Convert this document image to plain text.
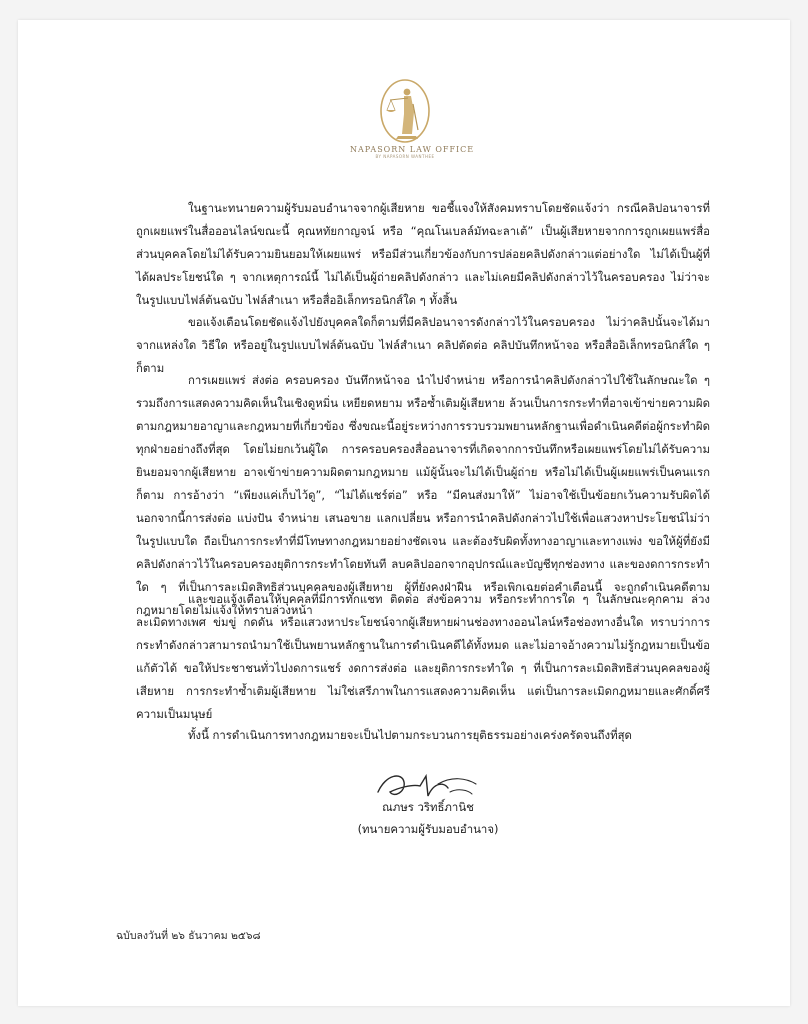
NAPASORN LAW OFFICE
BY NAPASORN WANTHEE

ในฐานะทนายความผู้รับมอบอำนาจจากผู้เสียหาย ขอชี้แจงให้สังคมทราบโดยชัดแจ้งว่า กรณีคลิปอนาจารที่ถูกเผยแพร่ในสื่อออนไลน์ขณะนี้ คุณหทัยกาญจน์ หรือ “คุณโนเบลล์มัทฉะลาเต้” เป็นผู้เสียหายจากการถูกเผยแพร่สื่อส่วนบุคคลโดยไม่ได้รับความยินยอมให้เผยแพร่ หรือมีส่วนเกี่ยวข้องกับการปล่อยคลิปดังกล่าวแต่อย่างใด ไม่ได้เป็นผู้ที่ได้ผลประโยชน์ใด ๆ จากเหตุการณ์นี้ ไม่ได้เป็นผู้ถ่ายคลิปดังกล่าว และไม่เคยมีคลิปดังกล่าวไว้ในครอบครอง ไม่ว่าจะในรูปแบบไฟล์ต้นฉบับ ไฟล์สำเนา หรือสื่ออิเล็กทรอนิกส์ใด ๆ ทั้งสิ้น

ขอแจ้งเตือนโดยชัดแจ้งไปยังบุคคลใดก็ตามที่มีคลิปอนาจารดังกล่าวไว้ในครอบครอง ไม่ว่าคลิปนั้นจะได้มาจากแหล่งใด วิธีใด หรืออยู่ในรูปแบบไฟล์ต้นฉบับ ไฟล์สำเนา คลิปตัดต่อ คลิปบันทึกหน้าจอ หรือสื่ออิเล็กทรอนิกส์ใด ๆ ก็ตาม

การเผยแพร่ ส่งต่อ ครอบครอง บันทึกหน้าจอ นำไปจำหน่าย หรือการนำคลิปดังกล่าวไปใช้ในลักษณะใด ๆ รวมถึงการแสดงความคิดเห็นในเชิงดูหมิ่น เหยียดหยาม หรือซ้ำเติมผู้เสียหาย ล้วนเป็นการกระทำที่อาจเข้าข่ายความผิดตามกฎหมายอาญาและกฎหมายที่เกี่ยวข้อง ซึ่งขณะนี้อยู่ระหว่างการรวบรวมพยานหลักฐานเพื่อดำเนินคดีต่อผู้กระทำผิดทุกฝ่ายอย่างถึงที่สุด โดยไม่ยกเว้นผู้ใด การครอบครองสื่ออนาจารที่เกิดจากการบันทึกหรือเผยแพร่โดยไม่ได้รับความยินยอมจากผู้เสียหาย อาจเข้าข่ายความผิดตามกฎหมาย แม้ผู้นั้นจะไม่ได้เป็นผู้ถ่าย หรือไม่ได้เป็นผู้เผยแพร่เป็นคนแรกก็ตาม การอ้างว่า “เพียงแค่เก็บไว้ดู”, “ไม่ได้แชร์ต่อ” หรือ “มีคนส่งมาให้” ไม่อาจใช้เป็นข้อยกเว้นความรับผิดได้ นอกจากนี้การส่งต่อ แบ่งปัน จำหน่าย เสนอขาย แลกเปลี่ยน หรือการนำคลิปดังกล่าวไปใช้เพื่อแสวงหาประโยชน์ไม่ว่าในรูปแบบใด ถือเป็นการกระทำที่มีโทษทางกฎหมายอย่างชัดเจน และต้องรับผิดทั้งทางอาญาและทางแพ่ง ขอให้ผู้ที่ยังมีคลิปดังกล่าวไว้ในครอบครองยุติการกระทำโดยทันที ลบคลิปออกจากอุปกรณ์และบัญชีทุกช่องทาง และของดการกระทำใด ๆ ที่เป็นการละเมิดสิทธิส่วนบุคคลของผู้เสียหาย ผู้ที่ยังคงฝ่าฝืน หรือเพิกเฉยต่อคำเตือนนี้ จะถูกดำเนินคดีตามกฎหมายโดยไม่แจ้งให้ทราบล่วงหน้า

และขอแจ้งเตือนให้บุคคลที่มีการทักแชท ติดต่อ ส่งข้อความ หรือกระทำการใด ๆ ในลักษณะคุกคาม ล่วงละเมิดทางเพศ ข่มขู่ กดดัน หรือแสวงหาประโยชน์จากผู้เสียหายผ่านช่องทางออนไลน์หรือช่องทางอื่นใด ทราบว่าการกระทำดังกล่าวสามารถนำมาใช้เป็นพยานหลักฐานในการดำเนินคดีได้ทั้งหมด และไม่อาจอ้างความไม่รู้กฎหมายเป็นข้อแก้ตัวได้ ขอให้ประชาชนทั่วไปงดการแชร์ งดการส่งต่อ และยุติการกระทำใด ๆ ที่เป็นการละเมิดสิทธิส่วนบุคคลของผู้เสียหาย การกระทำซ้ำเติมผู้เสียหาย ไม่ใช่เสรีภาพในการแสดงความคิดเห็น แต่เป็นการละเมิดกฎหมายและศักดิ์ศรีความเป็นมนุษย์

ทั้งนี้ การดำเนินการทางกฎหมายจะเป็นไปตามกระบวนการยุติธรรมอย่างเคร่งครัดจนถึงที่สุด

ณภษร วริทธิ์ภานิช
(ทนายความผู้รับมอบอำนาจ)
ฉบับลงวันที่ ๒๖ ธันวาคม ๒๕๖๘
